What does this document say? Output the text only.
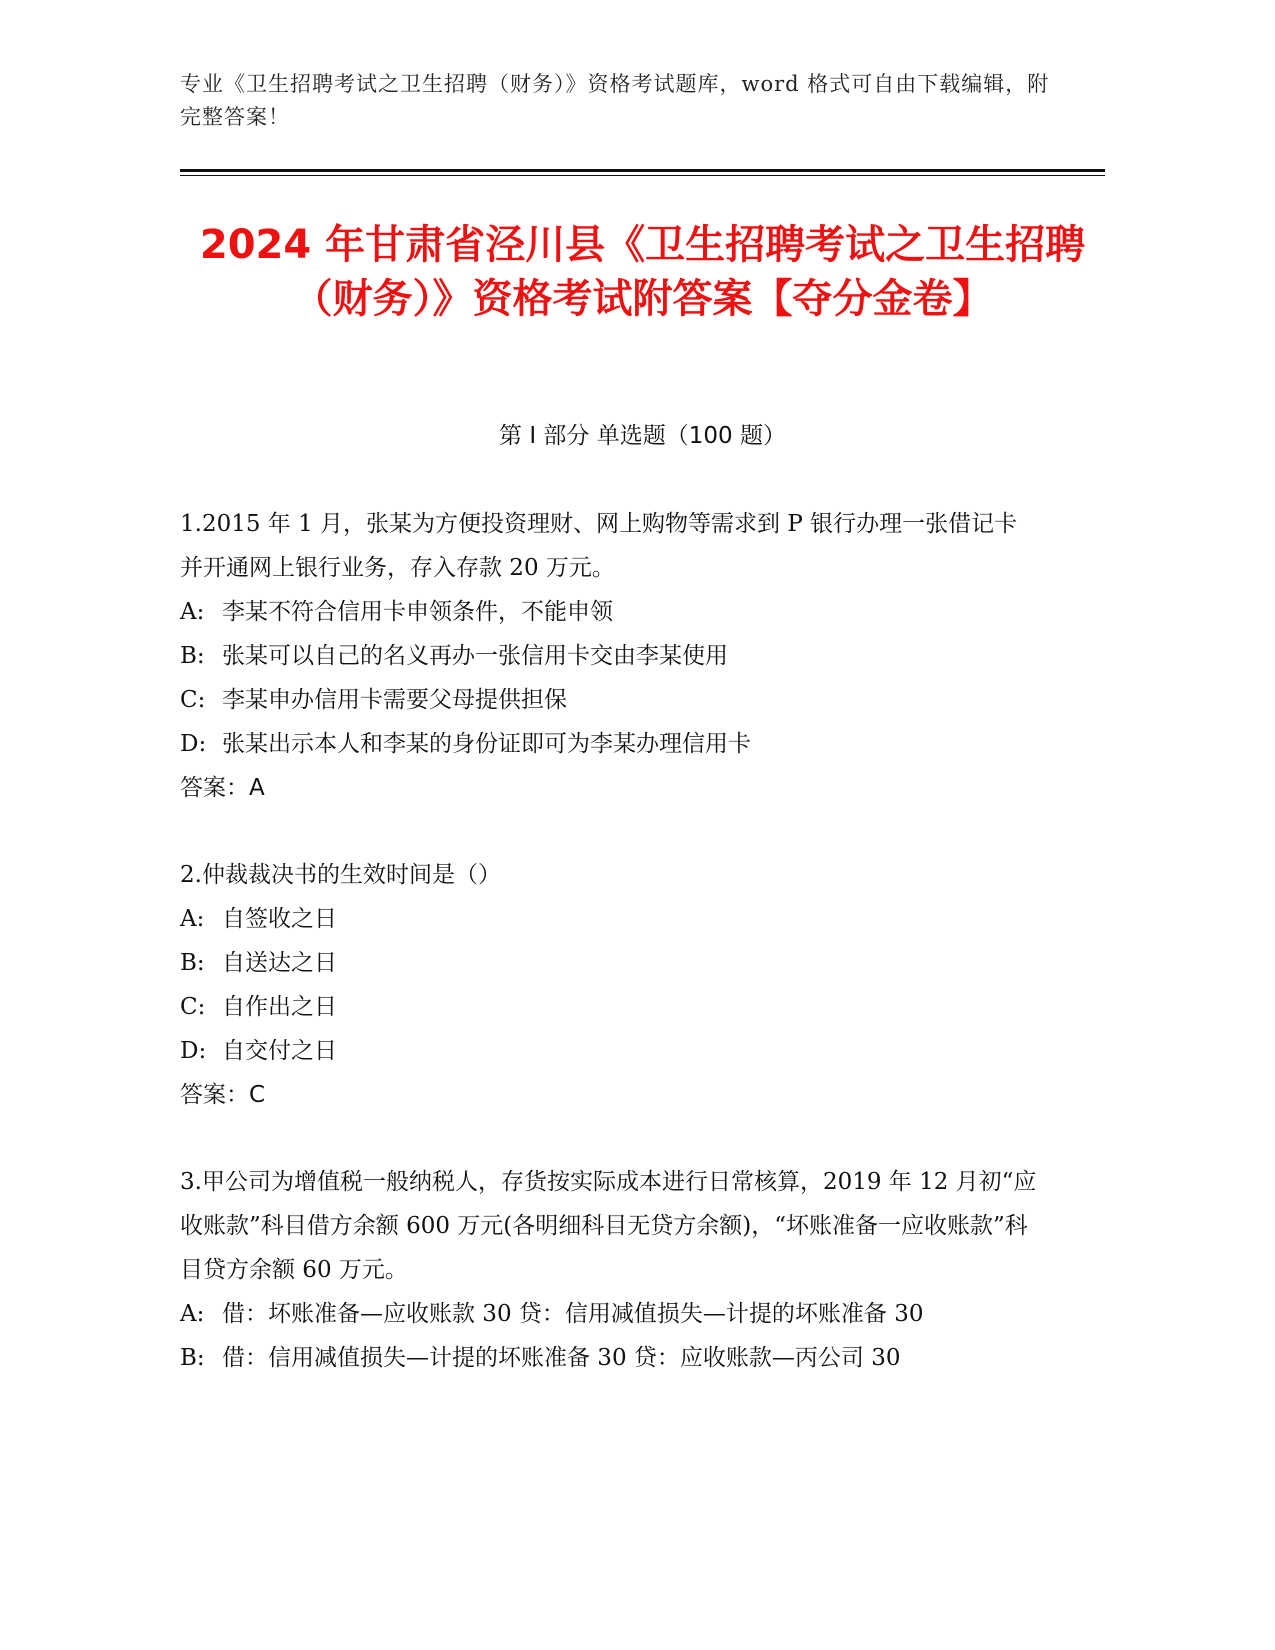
专业《卫生招聘考试之卫生招聘（财务）》资格考试题库，word 格式可自由下载编辑，附完整答案！
2024 年甘肃省泾川县《卫生招聘考试之卫生招聘（财务）》资格考试附答案【夺分金卷】
第 I 部分 单选题（100 题）

1.2015 年 1 月，张某为方便投资理财、网上购物等需求到 P 银行办理一张借记卡并开通网上银行业务，存入存款 20 万元。

A: 李某不符合信用卡申领条件，不能申领

B: 张某可以自己的名义再办一张信用卡交由李某使用

C: 李某申办信用卡需要父母提供担保

D: 张某出示本人和李某的身份证即可为李某办理信用卡

答案：A

2.仲裁裁决书的生效时间是（）

A: 自签收之日

B: 自送达之日

C: 自作出之日

D: 自交付之日

答案：C

3.甲公司为增值税一般纳税人，存货按实际成本进行日常核算，2019 年 12 月初“应收账款”科目借方余额 600 万元(各明细科目无贷方余额)，“坏账准备一应收账款”科目贷方余额 60 万元。

A: 借：坏账准备—应收账款 30 贷：信用减值损失—计提的坏账准备 30

B: 借：信用减值损失—计提的坏账准备 30 贷：应收账款—丙公司 30
